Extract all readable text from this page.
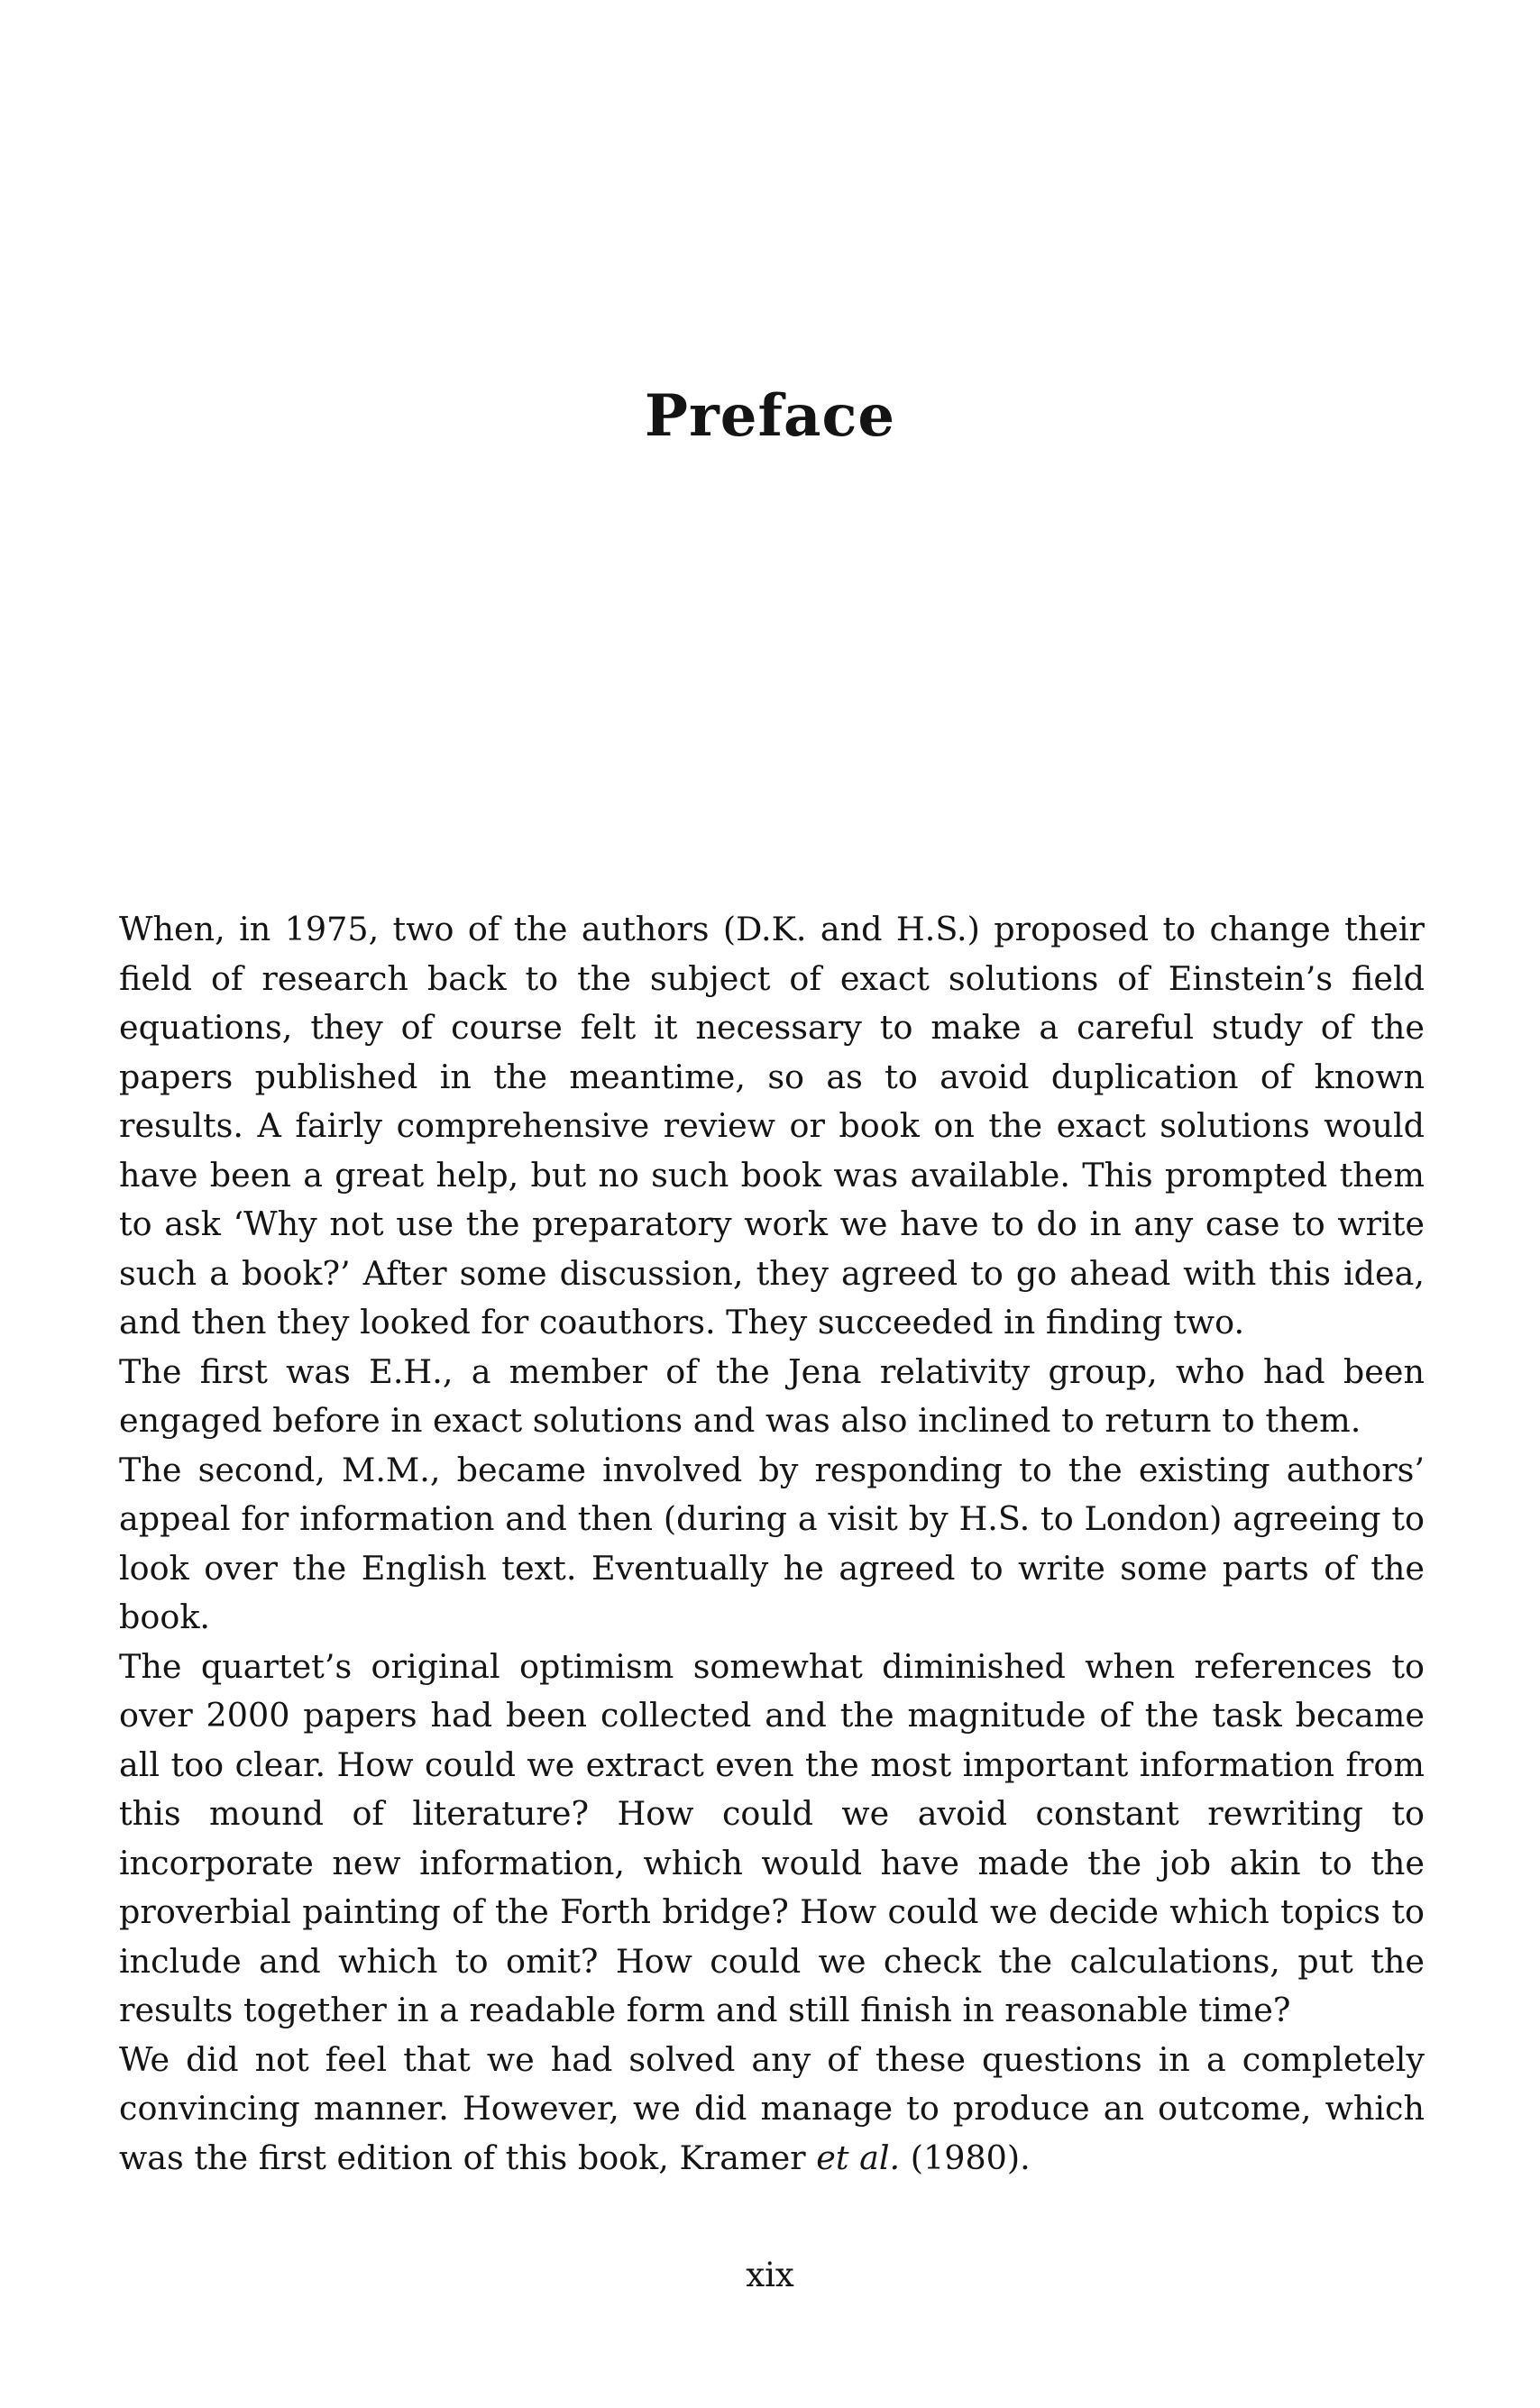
Preface

When, in 1975, two of the authors (D.K. and H.S.) proposed to change their field of research back to the subject of exact solutions of Einstein’s field equations, they of course felt it necessary to make a careful study of the papers published in the meantime, so as to avoid duplication of known results. A fairly comprehensive review or book on the exact solutions would have been a great help, but no such book was available. This prompted them to ask ‘Why not use the preparatory work we have to do in any case to write such a book?’ After some discussion, they agreed to go ahead with this idea, and then they looked for coauthors. They succeeded in finding two.

The first was E.H., a member of the Jena relativity group, who had been engaged before in exact solutions and was also inclined to return to them.

The second, M.M., became involved by responding to the existing authors’ appeal for information and then (during a visit by H.S. to London) agreeing to look over the English text. Eventually he agreed to write some parts of the book.

The quartet’s original optimism somewhat diminished when references to over 2000 papers had been collected and the magnitude of the task became all too clear. How could we extract even the most important information from this mound of literature? How could we avoid constant rewriting to incorporate new information, which would have made the job akin to the proverbial painting of the Forth bridge? How could we decide which topics to include and which to omit? How could we check the calculations, put the results together in a readable form and still finish in reasonable time?

We did not feel that we had solved any of these questions in a completely convincing manner. However, we did manage to produce an outcome, which was the first edition of this book, Kramer et al. (1980).

xix
